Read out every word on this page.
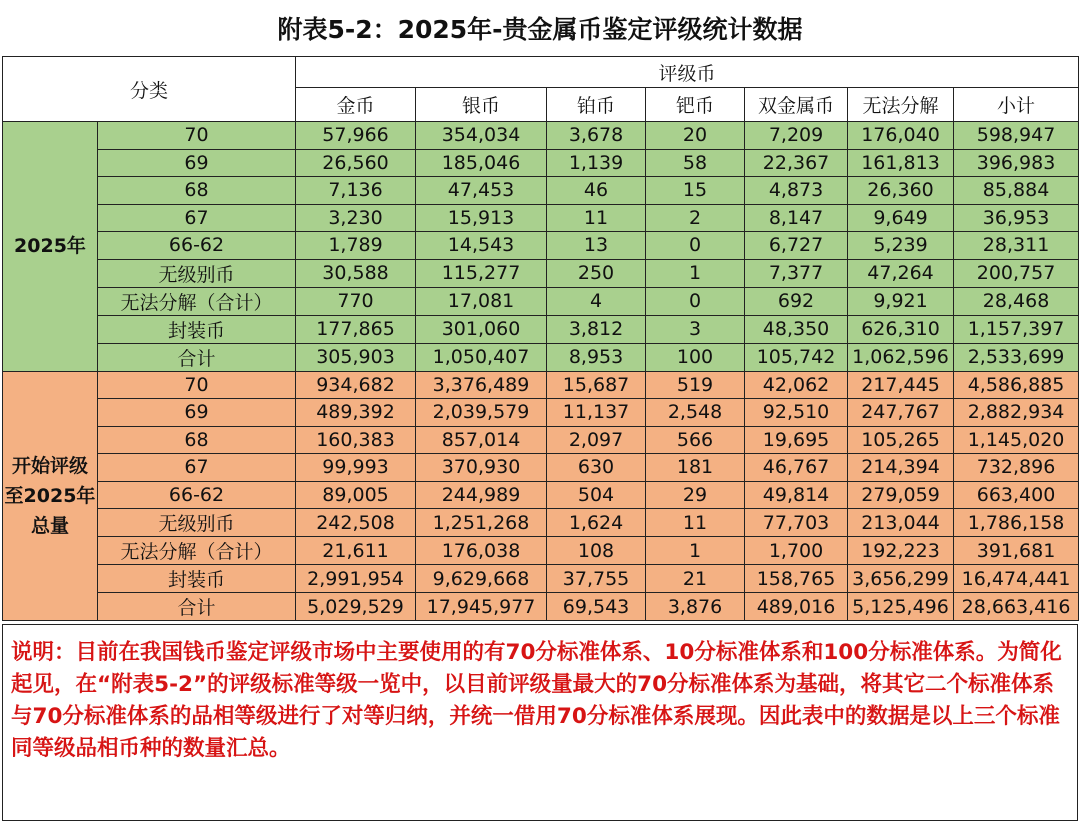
附表5-2：2025年-贵金属币鉴定评级统计数据
分类		评级币						
		金币	银币	铂币	钯币	双金属币	无法分解	小计
2025年	70	57,966	354,034	3,678	20	7,209	176,040	598,947
	69	26,560	185,046	1,139	58	22,367	161,813	396,983
	68	7,136	47,453	46	15	4,873	26,360	85,884
	67	3,230	15,913	11	2	8,147	9,649	36,953
	66-62	1,789	14,543	13	0	6,727	5,239	28,311
	无级别币	30,588	115,277	250	1	7,377	47,264	200,757
	无法分解（合计）	770	17,081	4	0	692	9,921	28,468
	封装币	177,865	301,060	3,812	3	48,350	626,310	1,157,397
	合计	305,903	1,050,407	8,953	100	105,742	1,062,596	2,533,699
开始评级至2025年总量	70	934,682	3,376,489	15,687	519	42,062	217,445	4,586,885
	69	489,392	2,039,579	11,137	2,548	92,510	247,767	2,882,934
	68	160,383	857,014	2,097	566	19,695	105,265	1,145,020
	67	99,993	370,930	630	181	46,767	214,394	732,896
	66-62	89,005	244,989	504	29	49,814	279,059	663,400
	无级别币	242,508	1,251,268	1,624	11	77,703	213,044	1,786,158
	无法分解（合计）	21,611	176,038	108	1	1,700	192,223	391,681
	封装币	2,991,954	9,629,668	37,755	21	158,765	3,656,299	16,474,441
	合计	5,029,529	17,945,977	69,543	3,876	489,016	5,125,496	28,663,416
说明：目前在我国钱币鉴定评级市场中主要使用的有70分标准体系、10分标准体系和100分标准体系。为简化起见，在“附表5-2”的评级标准等级一览中，以目前评级量最大的70分标准体系为基础，将其它二个标准体系与70分标准体系的品相等级进行了对等归纳，并统一借用70分标准体系展现。因此表中的数据是以上三个标准同等级品相币种的数量汇总。
